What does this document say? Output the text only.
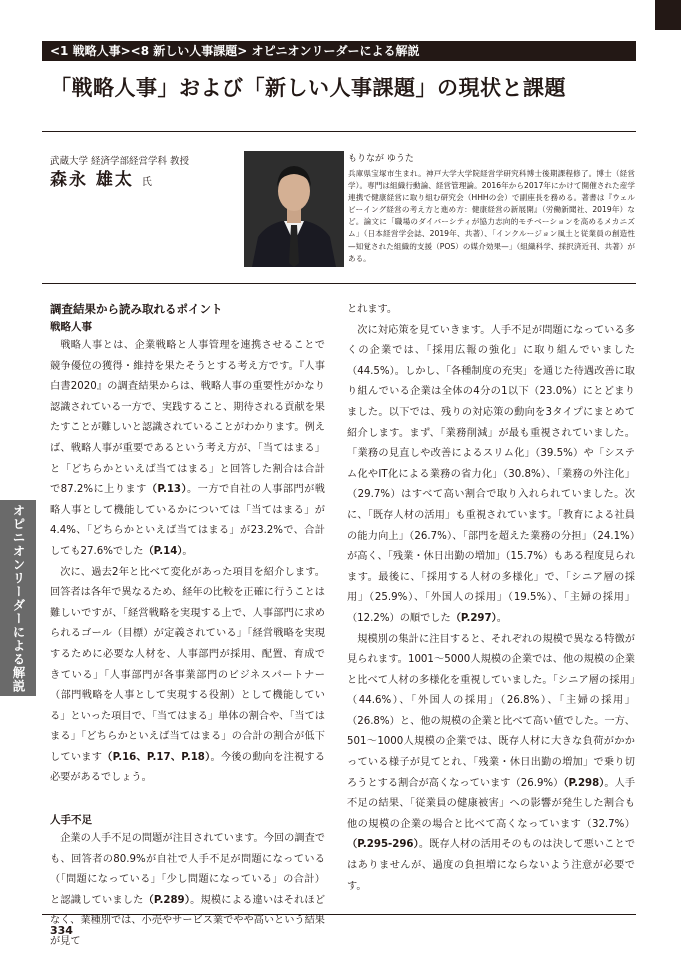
<1 戦略人事><8 新しい人事課題> オピニオンリーダーによる解説
「戦略人事」および「新しい人事課題」の現状と課題
武蔵大学 経済学部経営学科 教授
森永 雄太 氏
もりなが ゆうた
兵庫県宝塚市生まれ。神戸大学大学院経営学研究科博士後期課程修了。博士（経営学）。専門は組織行動論、経営管理論。2016年から2017年にかけて開催された産学連携で健康経営に取り組む研究会（HHHの会）で副座長を務める。著書は『ウェルビーイング経営の考え方と進め方：健康経営の新展開』（労働新聞社、2019年）など。論文に「職場のダイバーシティが協力志向的モチベーションを高めるメカニズム」（日本経営学会誌、2019年、共著）、「インクルージョン風土と従業員の創造性—知覚された組織的支援（POS）の媒介効果—」（組織科学、採択済近刊、共著）がある。
オピニオンリーダーによる解説

調査結果から読み取れるポイント

戦略人事

戦略人事とは、企業戦略と人事管理を連携させることで競争優位の獲得・維持を果たそうとする考え方です。『人事白書2020』の調査結果からは、戦略人事の重要性がかなり認識されている一方で、実践すること、期待される貢献を果たすことが難しいと認識されていることがわかります。例えば、戦略人事が重要であるという考え方が、「当てはまる」と「どちらかといえば当てはまる」と回答した割合は合計で87.2%に上ります（P.13）。一方で自社の人事部門が戦略人事として機能しているかについては「当てはまる」が4.4%、「どちらかといえば当てはまる」が23.2%で、合計しても27.6%でした（P.14）。

次に、過去2年と比べて変化があった項目を紹介します。回答者は各年で異なるため、経年の比較を正確に行うことは難しいですが、「経営戦略を実現する上で、人事部門に求められるゴール（目標）が定義されている」「経営戦略を実現するために必要な人材を、人事部門が採用、配置、育成できている」「人事部門が各事業部門のビジネスパートナー（部門戦略を人事として実現する役割）として機能している」といった項目で、「当てはまる」単体の割合や、「当てはまる」「どちらかといえば当てはまる」の合計の割合が低下しています（P.16、P.17、P.18）。今後の動向を注視する必要があるでしょう。

人手不足

企業の人手不足の問題が注目されています。今回の調査でも、回答者の80.9%が自社で人手不足が問題になっている（「問題になっている」「少し問題になっている」の合計）と認識していました（P.289）。規模による違いはそれほどなく、業種別では、小売やサービス業でやや高いという結果が見て

とれます。

次に対応策を見ていきます。人手不足が問題になっている多くの企業では、「採用広報の強化」に取り組んでいました（44.5%）。しかし、「各種制度の充実」を通じた待遇改善に取り組んでいる企業は全体の4分の1以下（23.0%）にとどまりました。以下では、残りの対応策の動向を3タイプにまとめて紹介します。まず、「業務削減」が最も重視されていました。「業務の見直しや改善によるスリム化」（39.5%）や「システム化やIT化による業務の省力化」（30.8%）、「業務の外注化」（29.7%）はすべて高い割合で取り入れられていました。次に、「既存人材の活用」も重視されています。「教育による社員の能力向上」（26.7%）、「部門を超えた業務の分担」（24.1%）が高く、「残業・休日出勤の増加」（15.7%）もある程度見られます。最後に、「採用する人材の多様化」で、「シニア層の採用」（25.9%）、「外国人の採用」（19.5%）、「主婦の採用」（12.2%）の順でした（P.297）。

規模別の集計に注目すると、それぞれの規模で異なる特徴が見られます。1001～5000人規模の企業では、他の規模の企業と比べて人材の多様化を重視していました。「シニア層の採用」（44.6%）、「外国人の採用」（26.8%）、「主婦の採用」（26.8%）と、他の規模の企業と比べて高い値でした。一方、501～1000人規模の企業では、既存人材に大きな負荷がかかっている様子が見てとれ、「残業・休日出勤の増加」で乗り切ろうとする割合が高くなっています（26.9%）（P.298）。人手不足の結果、「従業員の健康被害」への影響が発生した割合も他の規模の企業の場合と比べて高くなっています（32.7%）（P.295-296）。既存人材の活用そのものは決して悪いことではありませんが、過度の負担増にならないよう注意が必要です。

334
